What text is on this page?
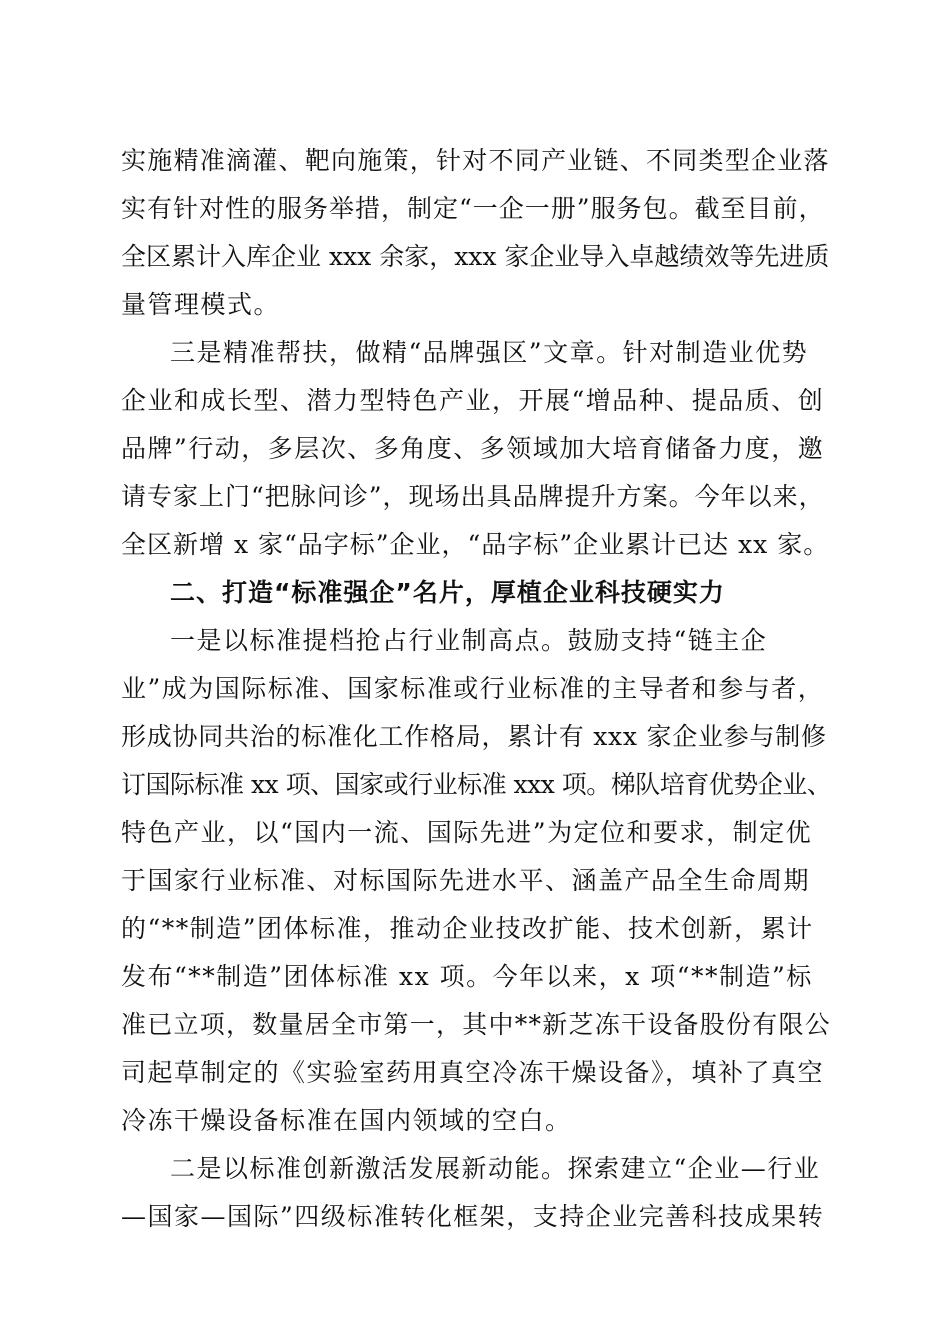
实施精准滴灌、靶向施策，针对不同产业链、不同类型企业落
实有针对性的服务举措，制定“一企一册”服务包。截至目前，
全区累计入库企业 xxx 余家，xxx 家企业导入卓越绩效等先进质
量管理模式。
三是精准帮扶，做精“品牌强区”文章。针对制造业优势
企业和成长型、潜力型特色产业，开展“增品种、提品质、创
品牌”行动，多层次、多角度、多领域加大培育储备力度，邀
请专家上门“把脉问诊”，现场出具品牌提升方案。今年以来，
全区新增 x 家“品字标”企业，“品字标”企业累计已达 xx 家。
二、打造“标准强企”名片，厚植企业科技硬实力
一是以标准提档抢占行业制高点。鼓励支持“链主企
业”成为国际标准、国家标准或行业标准的主导者和参与者，
形成协同共治的标准化工作格局，累计有 xxx 家企业参与制修
订国际标准 xx 项、国家或行业标准 xxx 项。梯队培育优势企业、
特色产业，以“国内一流、国际先进”为定位和要求，制定优
于国家行业标准、对标国际先进水平、涵盖产品全生命周期
的“**制造”团体标准，推动企业技改扩能、技术创新，累计
发布“**制造”团体标准 xx 项。今年以来，x 项“**制造”标
准已立项，数量居全市第一，其中**新芝冻干设备股份有限公
司起草制定的《实验室药用真空冷冻干燥设备》，填补了真空
冷冻干燥设备标准在国内领域的空白。
二是以标准创新激活发展新动能。探索建立“企业—行业
—国家—国际”四级标准转化框架，支持企业完善科技成果转
